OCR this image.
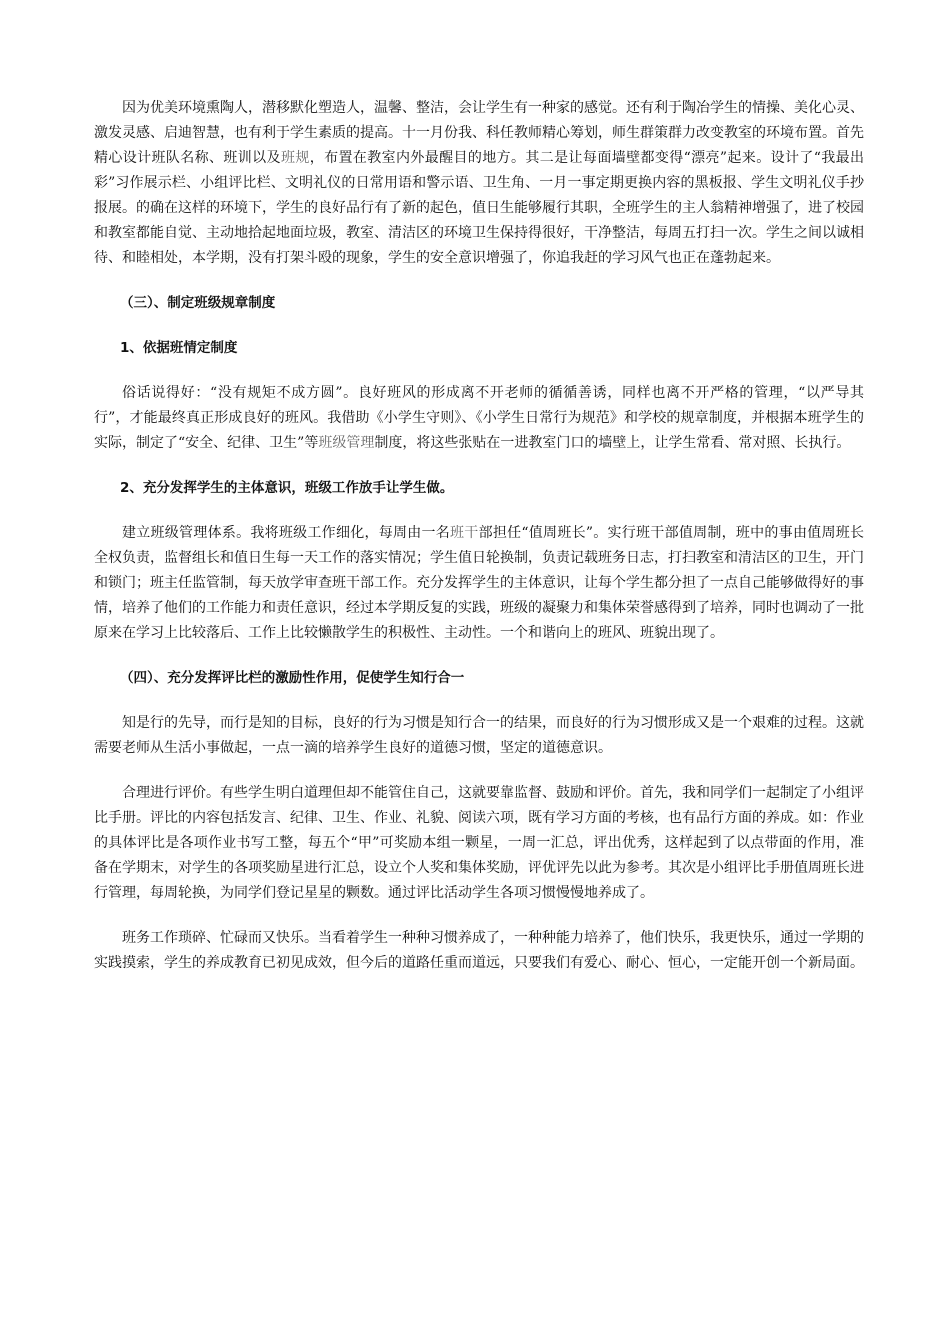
因为优美环境熏陶人，潜移默化塑造人，温馨、整洁，会让学生有一种家的感觉。还有利于陶冶学生的情操、美化心灵、激发灵感、启迪智慧，也有利于学生素质的提高。十一月份我、科任教师精心筹划，师生群策群力改变教室的环境布置。首先精心设计班队名称、班训以及班规，布置在教室内外最醒目的地方。其二是让每面墙壁都变得“漂亮”起来。设计了“我最出彩”习作展示栏、小组评比栏、文明礼仪的日常用语和警示语、卫生角、一月一事定期更换内容的黑板报、学生文明礼仪手抄报展。的确在这样的环境下，学生的良好品行有了新的起色，值日生能够履行其职，全班学生的主人翁精神增强了，进了校园和教室都能自觉、主动地拾起地面垃圾，教室、清洁区的环境卫生保持得很好，干净整洁，每周五打扫一次。学生之间以诚相待、和睦相处，本学期，没有打架斗殴的现象，学生的安全意识增强了，你追我赶的学习风气也正在蓬勃起来。

（三）、制定班级规章制度
1、依据班情定制度

俗话说得好：“没有规矩不成方圆”。良好班风的形成离不开老师的循循善诱，同样也离不开严格的管理，“以严导其行”，才能最终真正形成良好的班风。我借助《小学生守则》、《小学生日常行为规范》和学校的规章制度，并根据本班学生的实际，制定了“安全、纪律、卫生”等班级管理制度，将这些张贴在一进教室门口的墙壁上，让学生常看、常对照、长执行。

2、充分发挥学生的主体意识，班级工作放手让学生做。

建立班级管理体系。我将班级工作细化，每周由一名班干部担任“值周班长”。实行班干部值周制，班中的事由值周班长全权负责，监督组长和值日生每一天工作的落实情况；学生值日轮换制，负责记载班务日志，打扫教室和清洁区的卫生，开门和锁门；班主任监管制，每天放学审查班干部工作。充分发挥学生的主体意识，让每个学生都分担了一点自己能够做得好的事情，培养了他们的工作能力和责任意识，经过本学期反复的实践，班级的凝聚力和集体荣誉感得到了培养，同时也调动了一批原来在学习上比较落后、工作上比较懒散学生的积极性、主动性。一个和谐向上的班风、班貌出现了。

（四）、充分发挥评比栏的激励性作用，促使学生知行合一

知是行的先导，而行是知的目标，良好的行为习惯是知行合一的结果，而良好的行为习惯形成又是一个艰难的过程。这就需要老师从生活小事做起，一点一滴的培养学生良好的道德习惯，坚定的道德意识。

合理进行评价。有些学生明白道理但却不能管住自己，这就要靠监督、鼓励和评价。首先，我和同学们一起制定了小组评比手册。评比的内容包括发言、纪律、卫生、作业、礼貌、阅读六项，既有学习方面的考核，也有品行方面的养成。如：作业的具体评比是各项作业书写工整，每五个“甲”可奖励本组一颗星，一周一汇总，评出优秀，这样起到了以点带面的作用，准备在学期末，对学生的各项奖励星进行汇总，设立个人奖和集体奖励，评优评先以此为参考。其次是小组评比手册值周班长进行管理，每周轮换，为同学们登记星星的颗数。通过评比活动学生各项习惯慢慢地养成了。

班务工作琐碎、忙碌而又快乐。当看着学生一种种习惯养成了，一种种能力培养了，他们快乐，我更快乐，通过一学期的实践摸索，学生的养成教育已初见成效，但今后的道路任重而道远，只要我们有爱心、耐心、恒心，一定能开创一个新局面。
